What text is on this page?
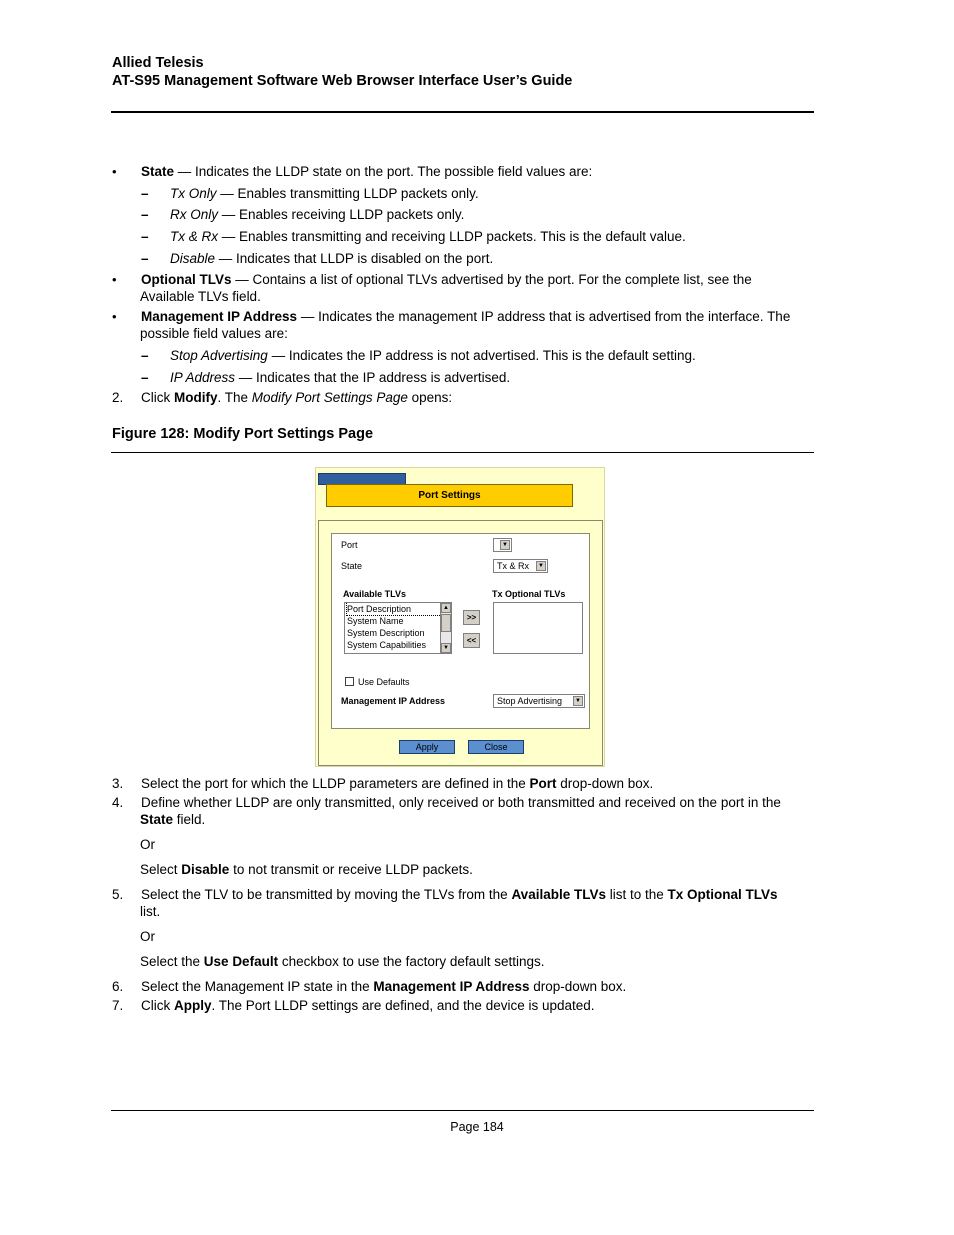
Allied Telesis
AT-S95 Management Software Web Browser Interface User’s Guide
• State — Indicates the LLDP state on the port. The possible field values are:
– Tx Only — Enables transmitting LLDP packets only.
– Rx Only — Enables receiving LLDP packets only.
– Tx & Rx — Enables transmitting and receiving LLDP packets. This is the default value.
– Disable — Indicates that LLDP is disabled on the port.
• Optional TLVs — Contains a list of optional TLVs advertised by the port. For the complete list, see the
Available TLVs field.
• Management IP Address — Indicates the management IP address that is advertised from the interface. The
possible field values are:
– Stop Advertising — Indicates the IP address is not advertised. This is the default setting.
– IP Address — Indicates that the IP address is advertised.
2. Click Modify. The Modify Port Settings Page opens:
Figure 128: Modify Port Settings Page
Port Settings
Port	▼
State	Tx & Rx	▼
Available TLVs	Tx Optional TLVs
Port Description
System Name
System Description
System Capabilities
▲
▼
>>
<<
Use Defaults
Management IP Address	Stop Advertising	▼
Apply	Close
3. Select the port for which the LLDP parameters are defined in the Port drop-down box.
4. Define whether LLDP are only transmitted, only received or both transmitted and received on the port in the
State field.
Or
Select Disable to not transmit or receive LLDP packets.
5. Select the TLV to be transmitted by moving the TLVs from the Available TLVs list to the Tx Optional TLVs
list.
Or
Select the Use Default checkbox to use the factory default settings.
6. Select the Management IP state in the Management IP Address drop-down box.
7. Click Apply. The Port LLDP settings are defined, and the device is updated.
Page 184
